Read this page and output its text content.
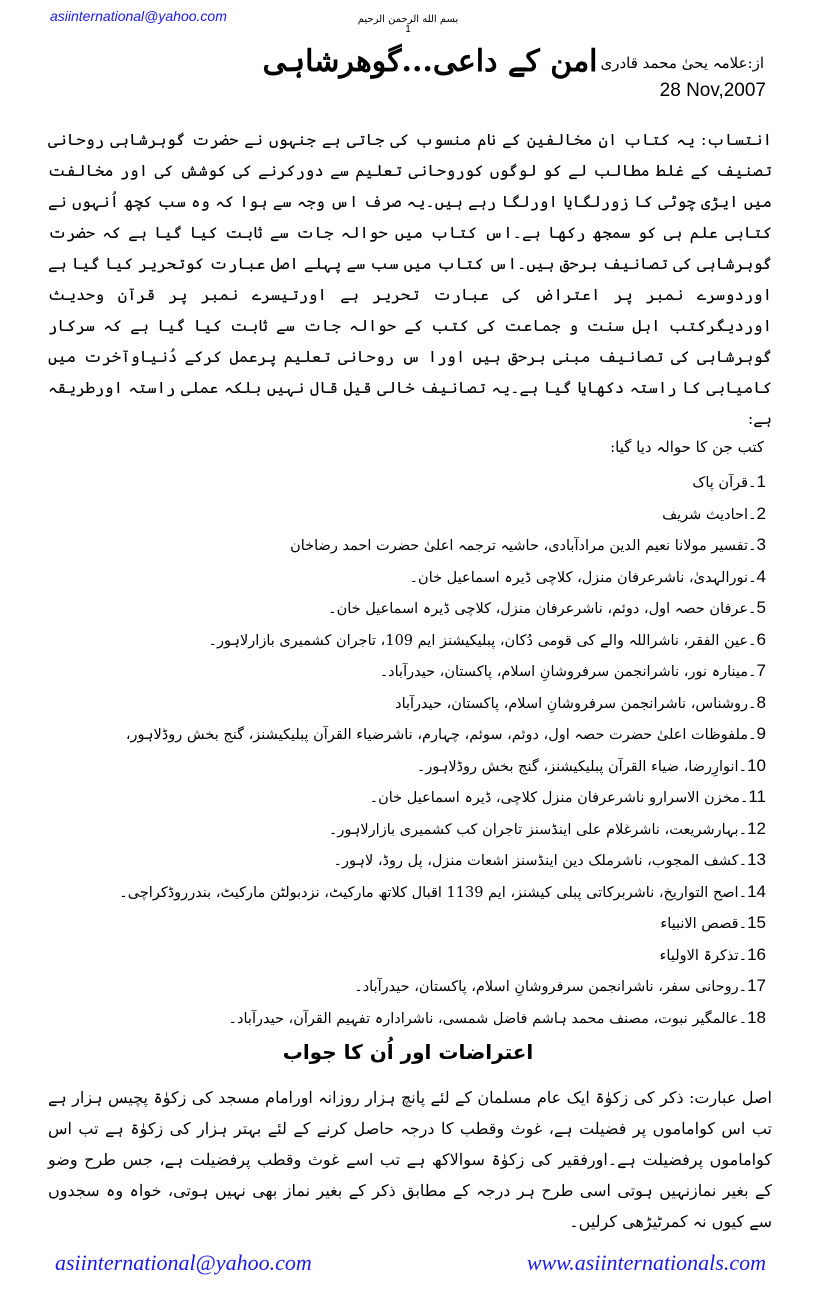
asiinternational@yahoo.com	بسم الله الرحمن الرحیم
1
امن کے داعی...گوھرشاہی از:علامہ یحیٰ محمد قادری
28 Nov,2007
انتساب: یہ کتاب ان مخالفین کے نام منسوب کی جاتی ہے جنہوں نے حضرت گوہرشاہی روحانی تصنیف کے غلط مطالب لے کو لوگوں کوروحانی تعلیم سے دورکرنے کی کوشش کی اور مخالفت میں ایڑی چوٹی کا زورلگایا اورلگا رہے ہیں۔یہ صرف اس وجہ سے ہوا کہ وہ سب کچھ اُنہوں نے کتابی علم ہی کو سمجھ رکھا ہے۔اس کتاب میں حوالہ جات سے ثابت کیا گیا ہے کہ حضرت گوہرشاہی کی تصانیف برحق ہیں۔اس کتاب میں سب سے پہلے اصل عبارت کوتحریر کیا گیا ہے اوردوسرے نمبر پر اعتراض کی عبارت تحریر ہے اورتیسرے نمبر پر قرآن وحدیث اوردیگرکتب اہل سنت و جماعت کی کتب کے حوالہ جات سے ثابت کیا گیا ہے کہ سرکار گوہرشاہی کی تصانیف مبنی برحق ہیں اورا س روحانی تعلیم پرعمل کرکے دُنیاوآخرت میں کامیابی کا راستہ دکھایا گیا ہے۔یہ تصانیف خالی قیل قال نہیں بلکہ عملی راستہ اورطریقہ ہے:
کتب جن کا حوالہ دیا گیا:
1۔قرآن پاک
2۔احادیث شریف
3۔تفسیر مولانا نعیم الدین مرادآبادی، حاشیہ ترجمہ اعلیٰ حضرت احمد رضاخان
4۔نورالہدیٰ، ناشرعرفان منزل، کلاچی ڈیرہ اسماعیل خان۔
5۔عرفان حصہ اول، دوئم، ناشرعرفان منزل، کلاچی ڈیرہ اسماعیل خان۔
6۔عین الفقر، ناشراللہ والے کی قومی دُکان، پبلیکیشنز ایم 109، تاجران کشمیری بازارلاہور۔
7۔مینارہ نور، ناشرانجمن سرفروشانِ اسلام، پاکستان، حیدرآباد۔
8۔روشناس، ناشرانجمن سرفروشانِ اسلام، پاکستان، حیدرآباد
9۔ملفوظات اعلیٰ حضرت حصہ اول، دوئم، سوئم، چہارم، ناشرضیاء القرآن پبلیکیشنز، گنج بخش روڈلاہور،
10۔انوارِرضا، ضیاء القرآن پبلیکیشنز، گنج بخش روڈلاہور۔
11۔مخزن الاسرارو ناشرعرفان منزل کلاچی، ڈیرہ اسماعیل خان۔
12۔بہارشریعت، ناشرغلام علی اینڈسنز تاجران کب کشمیری بازارلاہور۔
13۔کشف المجوب، ناشرملک دین اینڈسنز اشعات منزل، پل روڈ، لاہور۔
14۔اصح التواریخ، ناشربرکاتی پبلی کیشنز، ایم 1139 اقبال کلاتھ مارکیٹ، نزدبولٹن مارکیٹ، بندرروڈکراچی۔
15۔قصص الانبیاء
16۔تذکرۃ الاولیاء
17۔روحانی سفر، ناشرانجمن سرفروشانِ اسلام، پاکستان، حیدرآباد۔
18۔عالمگیر نبوت، مصنف محمد ہاشم فاضل شمسی، ناشرادارہ تفہیم القرآن، حیدرآباد۔
اعتراضات اور اُن کا جواب
اصل عبارت: ذکر کی زکوٰۃ ایک عام مسلمان کے لئے پانچ ہزار روزانہ اورامام مسجد کی زکوٰۃ پچیس ہزار ہے تب اس کواماموں پر فضیلت ہے، غوث وقطب کا درجہ حاصل کرنے کے لئے بہتر ہزار کی زکوٰۃ ہے تب اس کواماموں پرفضیلت ہے۔اورفقیر کی زکوٰۃ سوالاکھ ہے تب اسے غوث وقطب پرفضیلت ہے، جس طرح وضو کے بغیر نمازنہیں ہوتی اسی طرح ہر درجہ کے مطابق ذکر کے بغیر نماز بھی نہیں ہوتی، خواہ وہ سجدوں سے کیوں نہ کمرٹیڑھی کرلیں۔
asiinternational@yahoo.com	www.asiinternationals.com
